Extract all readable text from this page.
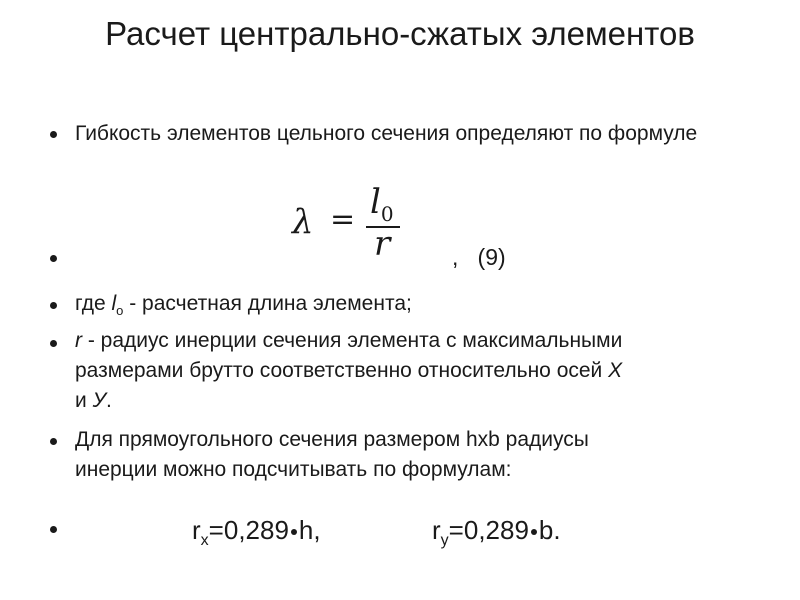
Расчет центрально-сжатых элементов
Гибкость элементов цельного сечения определяют по формуле
$\lambda = l_0$
r	,   (9)
где $l_о$ - расчетная длина элемента;
r - радиус инерции сечения элемента с максимальными
размерами брутто соответственно относительно осей X
и У.
Для прямоугольного сечения размером hxb радиусы
инерции можно подсчитывать по формулам:
$r_x=0,289$ h,	$r_y=0,289$ b.
